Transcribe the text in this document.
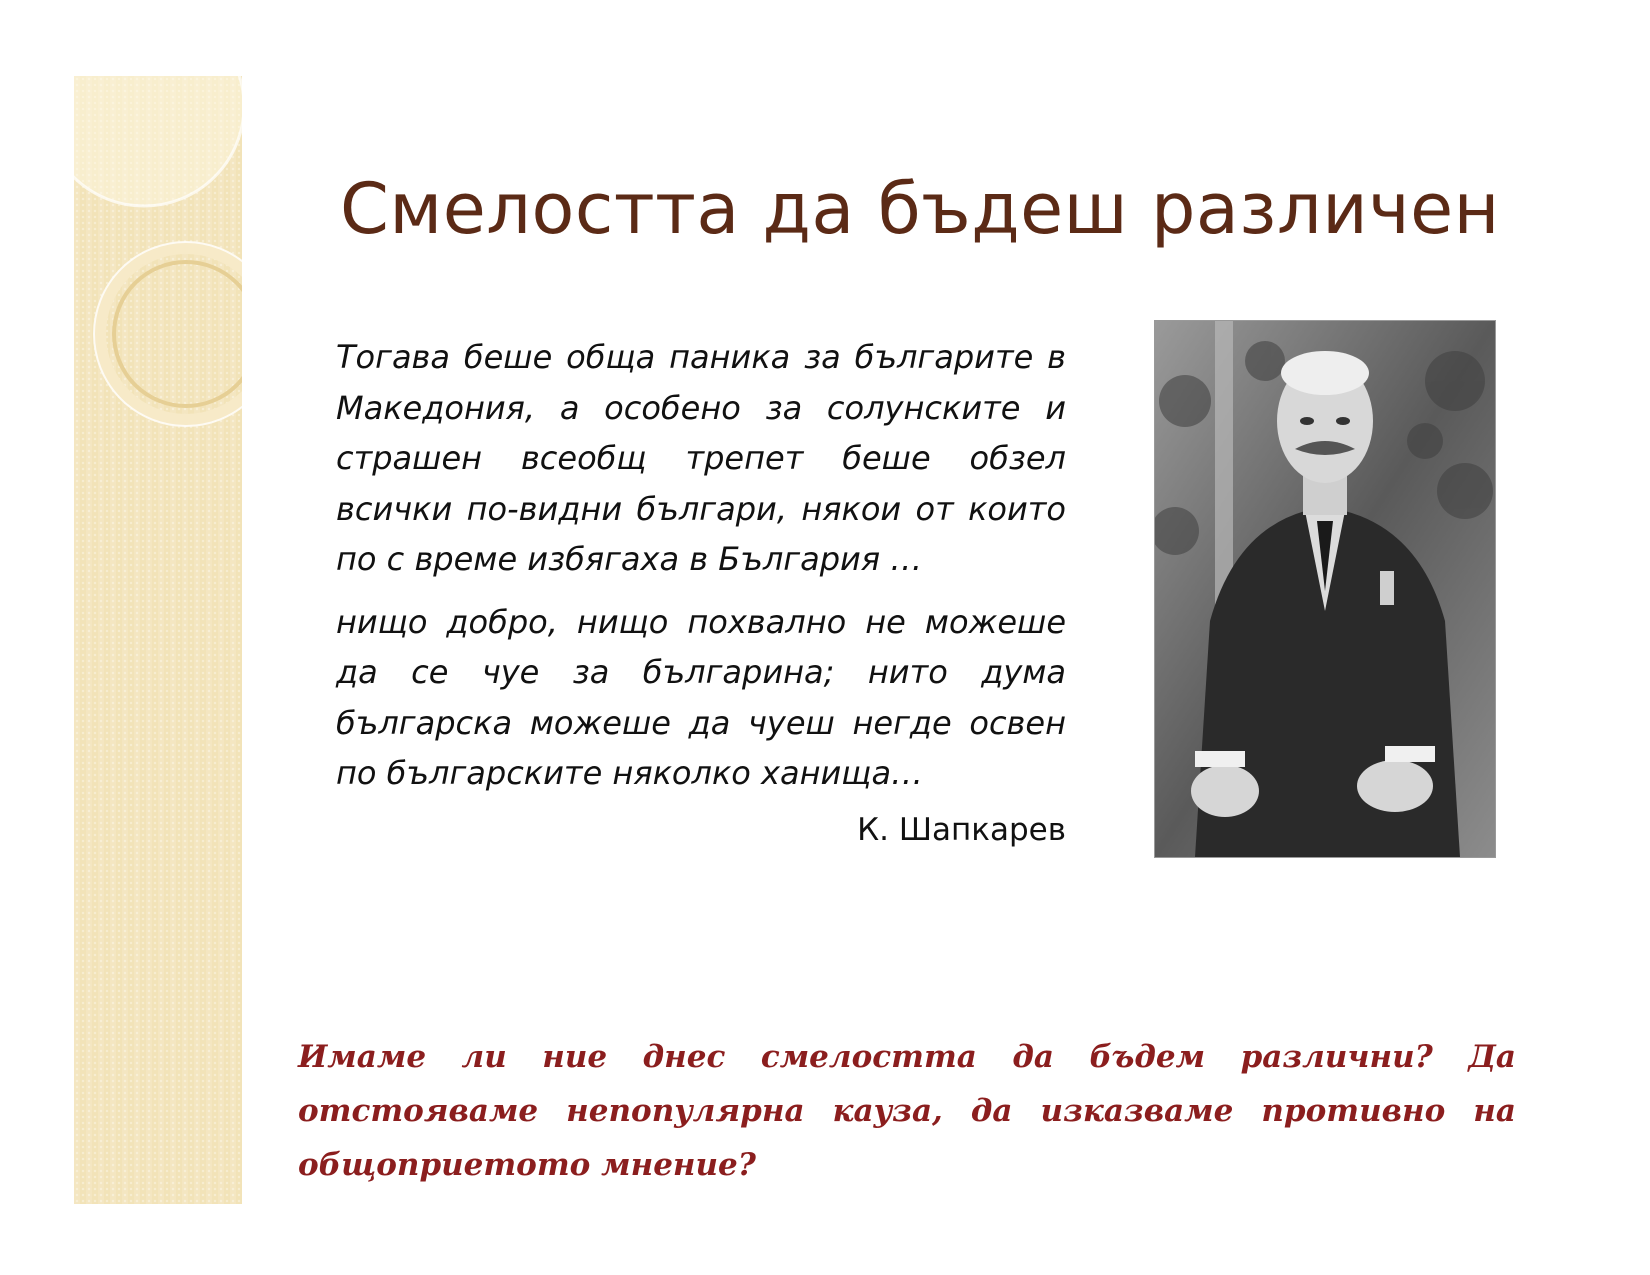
Смелостта да бъдеш различен

Тогава беше обща паника за българите в Македония, а особено за солунските и страшен всеобщ трепет беше обзел всички по-видни българи, някои от които по с време избягаха в България …

нищо добро, нищо похвално не можеше да се чуе за българина; нито дума българска можеше да чуеш негде освен по българските няколко ханища…

К. Шапкарев
Имаме ли ние днес смелостта да бъдем различни? Да отстояваме непопулярна кауза, да изказваме противно на общоприетото мнение?
